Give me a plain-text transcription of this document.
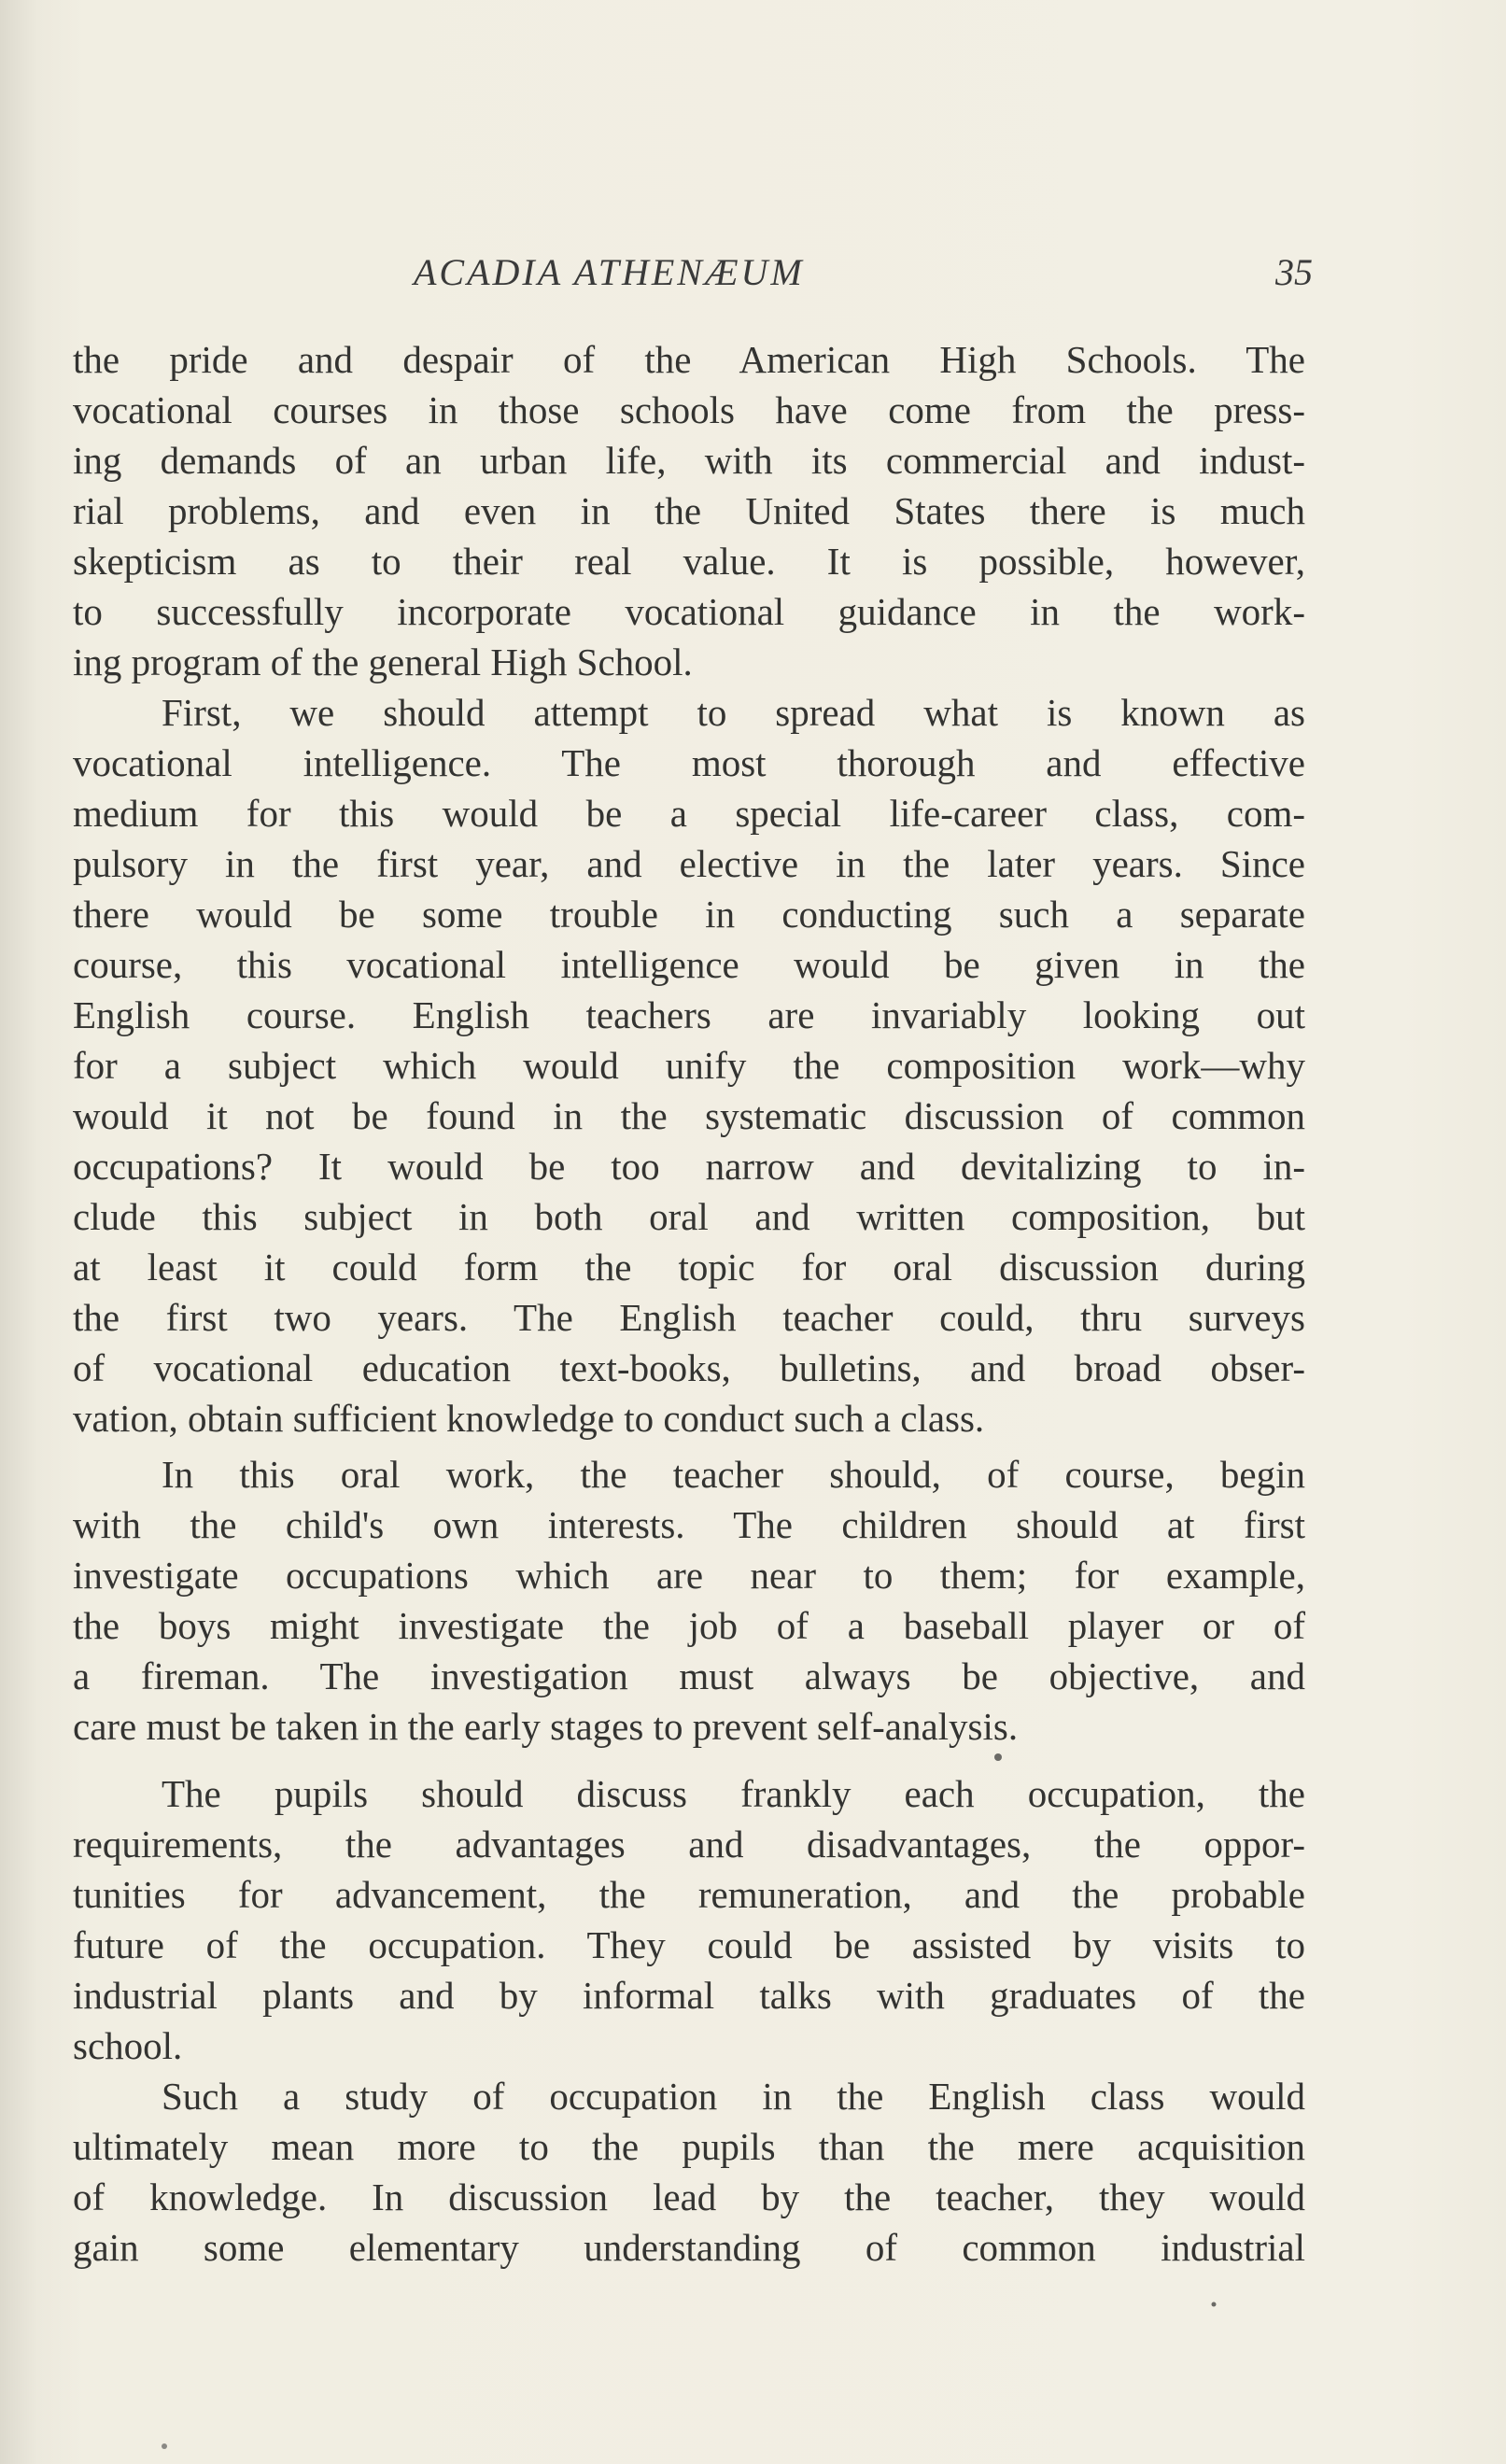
ACADIA ATHENÆUM	35
the pride and despair of the American High Schools. The
vocational courses in those schools have come from the press-
ing demands of an urban life, with its commercial and indust-
rial problems, and even in the United States there is much
skepticism as to their real value. It is possible, however,
to successfully incorporate vocational guidance in the work-
ing program of the general High School.
First, we should attempt to spread what is known as
vocational intelligence. The most thorough and effective
medium for this would be a special life-career class, com-
pulsory in the first year, and elective in the later years. Since
there would be some trouble in conducting such a separate
course, this vocational intelligence would be given in the
English course. English teachers are invariably looking out
for a subject which would unify the composition work—why
would it not be found in the systematic discussion of common
occupations? It would be too narrow and devitalizing to in-
clude this subject in both oral and written composition, but
at least it could form the topic for oral discussion during
the first two years. The English teacher could, thru surveys
of vocational education text-books, bulletins, and broad obser-
vation, obtain sufficient knowledge to conduct such a class.
In this oral work, the teacher should, of course, begin
with the child's own interests. The children should at first
investigate occupations which are near to them; for example,
the boys might investigate the job of a baseball player or of
a fireman. The investigation must always be objective, and
care must be taken in the early stages to prevent self-analysis.
The pupils should discuss frankly each occupation, the
requirements, the advantages and disadvantages, the oppor-
tunities for advancement, the remuneration, and the probable
future of the occupation. They could be assisted by visits to
industrial plants and by informal talks with graduates of the
school.
Such a study of occupation in the English class would
ultimately mean more to the pupils than the mere acquisition
of knowledge. In discussion lead by the teacher, they would
gain some elementary understanding of common industrial
